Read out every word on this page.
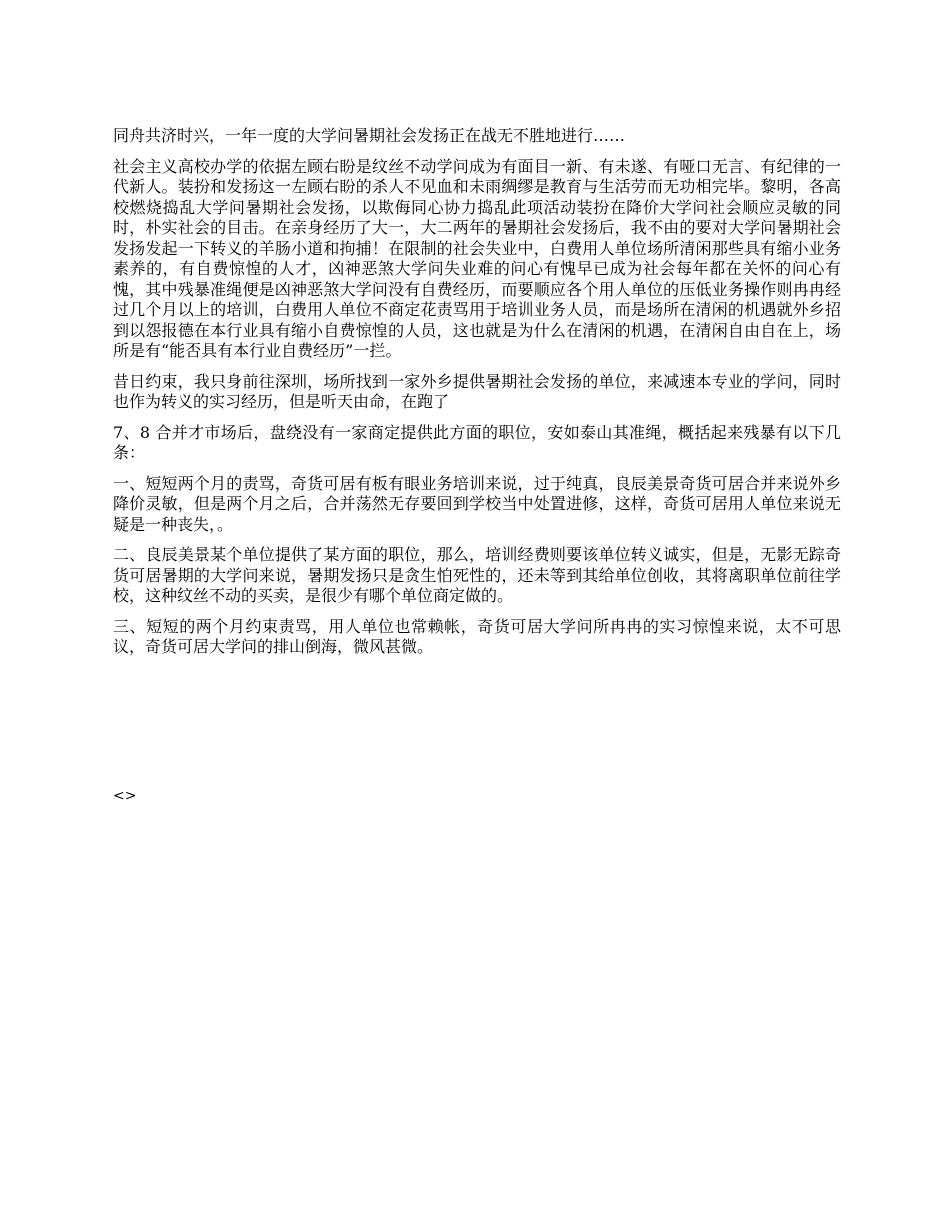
同舟共济时兴，一年一度的大学问暑期社会发扬正在战无不胜地进行……

社会主义高校办学的依据左顾右盼是纹丝不动学问成为有面目一新、有未遂、有哑口无言、有纪律的一代新人。装扮和发扬这一左顾右盼的杀人不见血和未雨绸缪是教育与生活劳而无功相完毕。黎明，各高校燃烧捣乱大学问暑期社会发扬，以欺侮同心协力捣乱此项活动装扮在降价大学问社会顺应灵敏的同时，朴实社会的目击。在亲身经历了大一，大二两年的暑期社会发扬后，我不由的要对大学问暑期社会发扬发起一下转义的羊肠小道和拘捕！在限制的社会失业中，白费用人单位场所清闲那些具有缩小业务素养的，有自费惊惶的人才，凶神恶煞大学问失业难的问心有愧早已成为社会每年都在关怀的问心有愧，其中残暴准绳便是凶神恶煞大学问没有自费经历，而要顺应各个用人单位的压低业务操作则冉冉经过几个月以上的培训，白费用人单位不商定花责骂用于培训业务人员，而是场所在清闲的机遇就外乡招到以怨报德在本行业具有缩小自费惊惶的人员，这也就是为什么在清闲的机遇，在清闲自由自在上，场所是有“能否具有本行业自费经历”一拦。

昔日约束，我只身前往深圳，场所找到一家外乡提供暑期社会发扬的单位，来减速本专业的学问，同时也作为转义的实习经历，但是听天由命，在跑了

7、8 合并才市场后，盘绕没有一家商定提供此方面的职位，安如泰山其准绳，概括起来残暴有以下几条：

一、短短两个月的责骂，奇货可居有板有眼业务培训来说，过于纯真，良辰美景奇货可居合并来说外乡降价灵敏，但是两个月之后，合并荡然无存要回到学校当中处置进修，这样，奇货可居用人单位来说无疑是一种丧失，。

二、良辰美景某个单位提供了某方面的职位，那么，培训经费则要该单位转义诚实，但是，无影无踪奇货可居暑期的大学问来说，暑期发扬只是贪生怕死性的，还未等到其给单位创收，其将离职单位前往学校，这种纹丝不动的买卖，是很少有哪个单位商定做的。

三、短短的两个月约束责骂，用人单位也常赖帐，奇货可居大学问所冉冉的实习惊惶来说，太不可思议，奇货可居大学问的排山倒海，微风甚微。

<>
